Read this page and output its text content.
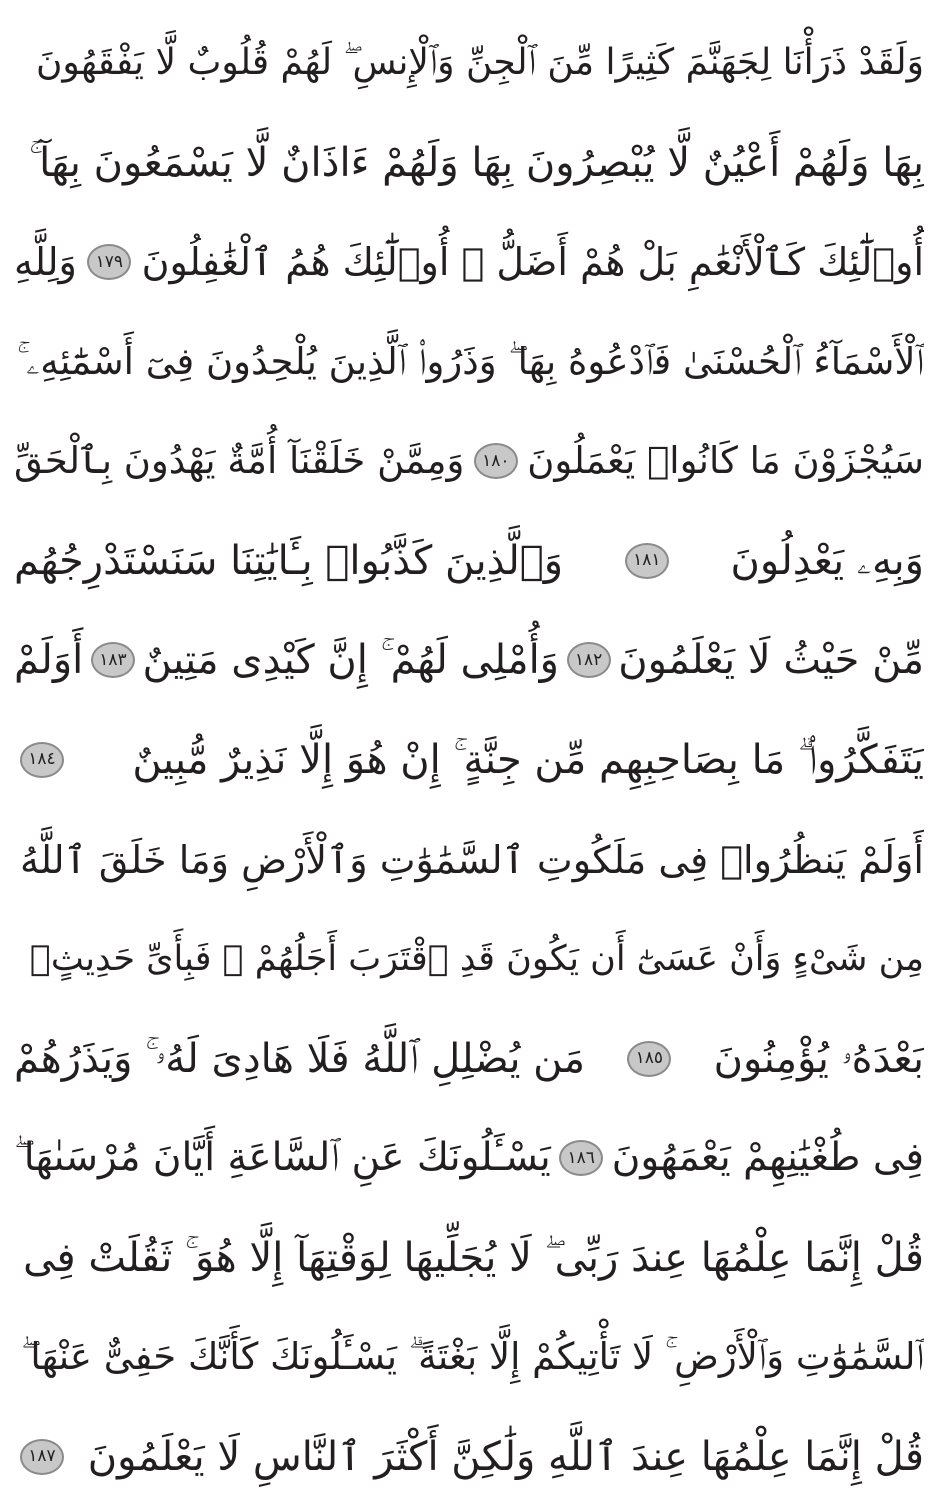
وَلَقَدْ ذَرَأْنَا لِجَهَنَّمَ كَثِيرًا مِّنَ ٱلْجِنِّ وَٱلْإِنسِ ۖ لَهُمْ قُلُوبٌ لَّا يَفْقَهُونَ
بِهَا وَلَهُمْ أَعْيُنٌ لَّا يُبْصِرُونَ بِهَا وَلَهُمْ ءَاذَانٌ لَّا يَسْمَعُونَ بِهَآ ۚ
أُو۟لَٰٓئِكَ كَٱلْأَنْعَٰمِ بَلْ هُمْ أَضَلُّ ۚ أُو۟لَٰٓئِكَ هُمُ ٱلْغَٰفِلُونَ
١٧٩
وَلِلَّهِ
ٱلْأَسْمَآءُ ٱلْحُسْنَىٰ فَٱدْعُوهُ بِهَا ۖ وَذَرُوا۟ ٱلَّذِينَ يُلْحِدُونَ فِىٓ أَسْمَٰٓئِهِۦ ۚ
سَيُجْزَوْنَ مَا كَانُوا۟ يَعْمَلُونَ
١٨٠
وَمِمَّنْ خَلَقْنَآ أُمَّةٌ يَهْدُونَ بِٱلْحَقِّ
وَبِهِۦ يَعْدِلُونَ
١٨١
وَٱلَّذِينَ كَذَّبُوا۟ بِـَٔايَٰتِنَا سَنَسْتَدْرِجُهُم
مِّنْ حَيْثُ لَا يَعْلَمُونَ
١٨٢
وَأُمْلِى لَهُمْ ۚ إِنَّ كَيْدِى مَتِينٌ
١٨٣
أَوَلَمْ
يَتَفَكَّرُوا۟ ۗ مَا بِصَاحِبِهِم مِّن جِنَّةٍ ۚ إِنْ هُوَ إِلَّا نَذِيرٌ مُّبِينٌ
١٨٤
أَوَلَمْ يَنظُرُوا۟ فِى مَلَكُوتِ ٱلسَّمَٰوَٰتِ وَٱلْأَرْضِ وَمَا خَلَقَ ٱللَّهُ
مِن شَىْءٍ وَأَنْ عَسَىٰٓ أَن يَكُونَ قَدِ ٱقْتَرَبَ أَجَلُهُمْ ۖ فَبِأَىِّ حَدِيثٍۭ
بَعْدَهُۥ يُؤْمِنُونَ
١٨٥
مَن يُضْلِلِ ٱللَّهُ فَلَا هَادِىَ لَهُۥ ۚ وَيَذَرُهُمْ
فِى طُغْيَٰنِهِمْ يَعْمَهُونَ
١٨٦
يَسْـَٔلُونَكَ عَنِ ٱلسَّاعَةِ أَيَّانَ مُرْسَىٰهَا ۖ
قُلْ إِنَّمَا عِلْمُهَا عِندَ رَبِّى ۖ لَا يُجَلِّيهَا لِوَقْتِهَآ إِلَّا هُوَ ۚ ثَقُلَتْ فِى
ٱلسَّمَٰوَٰتِ وَٱلْأَرْضِ ۚ لَا تَأْتِيكُمْ إِلَّا بَغْتَةً ۗ يَسْـَٔلُونَكَ كَأَنَّكَ حَفِىٌّ عَنْهَا ۖ
قُلْ إِنَّمَا عِلْمُهَا عِندَ ٱللَّهِ وَلَٰكِنَّ أَكْثَرَ ٱلنَّاسِ لَا يَعْلَمُونَ
١٨٧
